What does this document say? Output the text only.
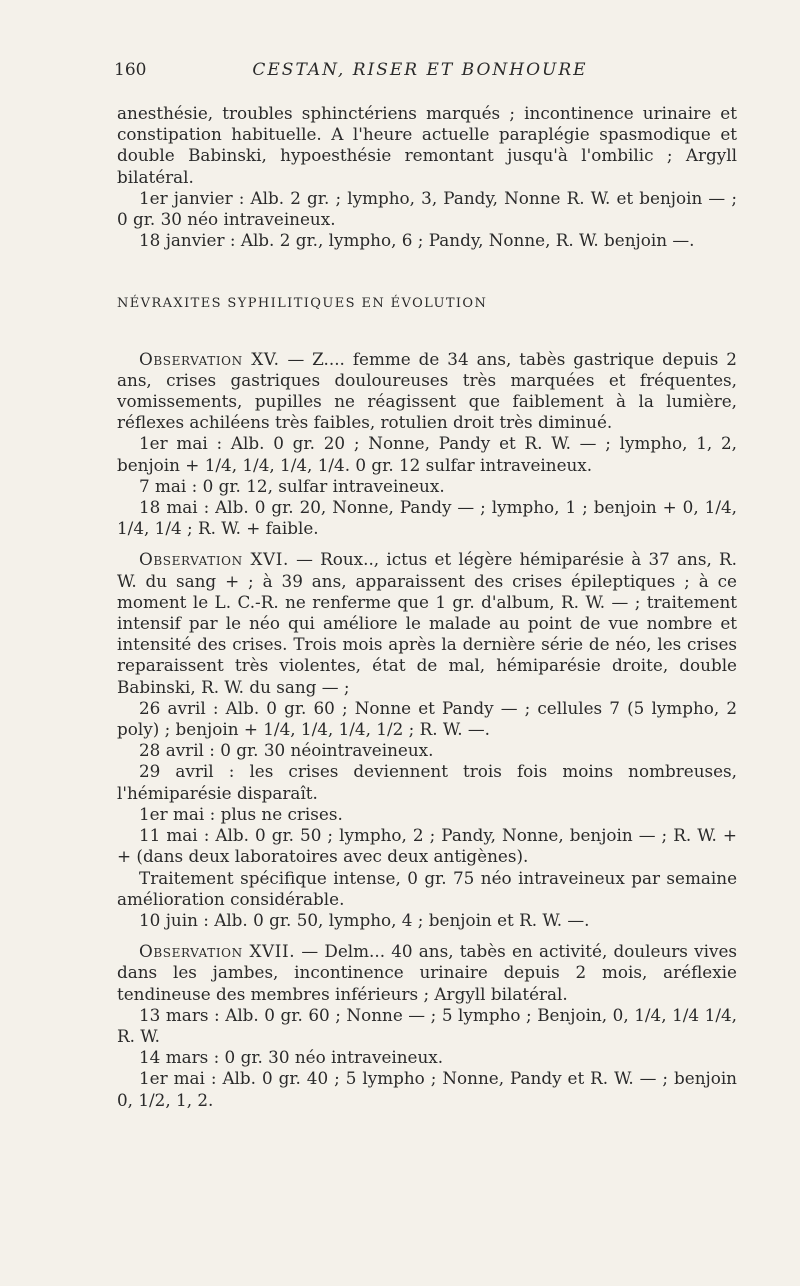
160	CESTAN, RISER ET BONHOURE

anesthésie, troubles sphinctériens marqués ; incontinence urinaire et constipation habituelle. A l'heure actuelle paraplégie spasmodique et double Babinski, hypoesthésie remontant jusqu'à l'ombilic ; Argyll bilatéral.

1er janvier : Alb. 2 gr. ; lympho, 3, Pandy, Nonne R. W. et benjoin — ; 0 gr. 30 néo intraveineux.

18 janvier : Alb. 2 gr., lympho, 6 ; Pandy, Nonne, R. W. benjoin —.

NÉVRAXITES SYPHILITIQUES EN ÉVOLUTION

Observation XV. — Z.... femme de 34 ans, tabès gastrique depuis 2 ans, crises gastriques douloureuses très marquées et fréquentes, vomissements, pupilles ne réagissent que faiblement à la lumière, réflexes achiléens très faibles, rotulien droit très diminué.

1er mai : Alb. 0 gr. 20 ; Nonne, Pandy et R. W. — ; lympho, 1, 2, benjoin + 1/4, 1/4, 1/4, 1/4. 0 gr. 12 sulfar intraveineux.

7 mai : 0 gr. 12, sulfar intraveineux.

18 mai : Alb. 0 gr. 20, Nonne, Pandy — ; lympho, 1 ; benjoin + 0, 1/4, 1/4, 1/4 ; R. W. + faible.

Observation XVI. — Roux.., ictus et légère hémiparésie à 37 ans, R. W. du sang + ; à 39 ans, apparaissent des crises épileptiques ; à ce moment le L. C.-R. ne renferme que 1 gr. d'album, R. W. — ; traitement intensif par le néo qui améliore le malade au point de vue nombre et intensité des crises. Trois mois après la dernière série de néo, les crises reparaissent très violentes, état de mal, hémiparésie droite, double Babinski, R. W. du sang — ;

26 avril : Alb. 0 gr. 60 ; Nonne et Pandy — ; cellules 7 (5 lympho, 2 poly) ; benjoin + 1/4, 1/4, 1/4, 1/2 ; R. W. —.

28 avril : 0 gr. 30 néointraveineux.

29 avril : les crises deviennent trois fois moins nombreuses, l'hémiparésie disparaît.

1er mai : plus ne crises.

11 mai : Alb. 0 gr. 50 ; lympho, 2 ; Pandy, Nonne, benjoin — ; R. W. + + (dans deux laboratoires avec deux antigènes).

Traitement spécifique intense, 0 gr. 75 néo intraveineux par semaine amélioration considérable.

10 juin : Alb. 0 gr. 50, lympho, 4 ; benjoin et R. W. —.

Observation XVII. — Delm... 40 ans, tabès en activité, douleurs vives dans les jambes, incontinence urinaire depuis 2 mois, aréflexie tendineuse des membres inférieurs ; Argyll bilatéral.

13 mars : Alb. 0 gr. 60 ; Nonne — ; 5 lympho ; Benjoin, 0, 1/4, 1/4 1/4, R. W.

14 mars : 0 gr. 30 néo intraveineux.

1er mai : Alb. 0 gr. 40 ; 5 lympho ; Nonne, Pandy et R. W. — ; benjoin 0, 1/2, 1, 2.
